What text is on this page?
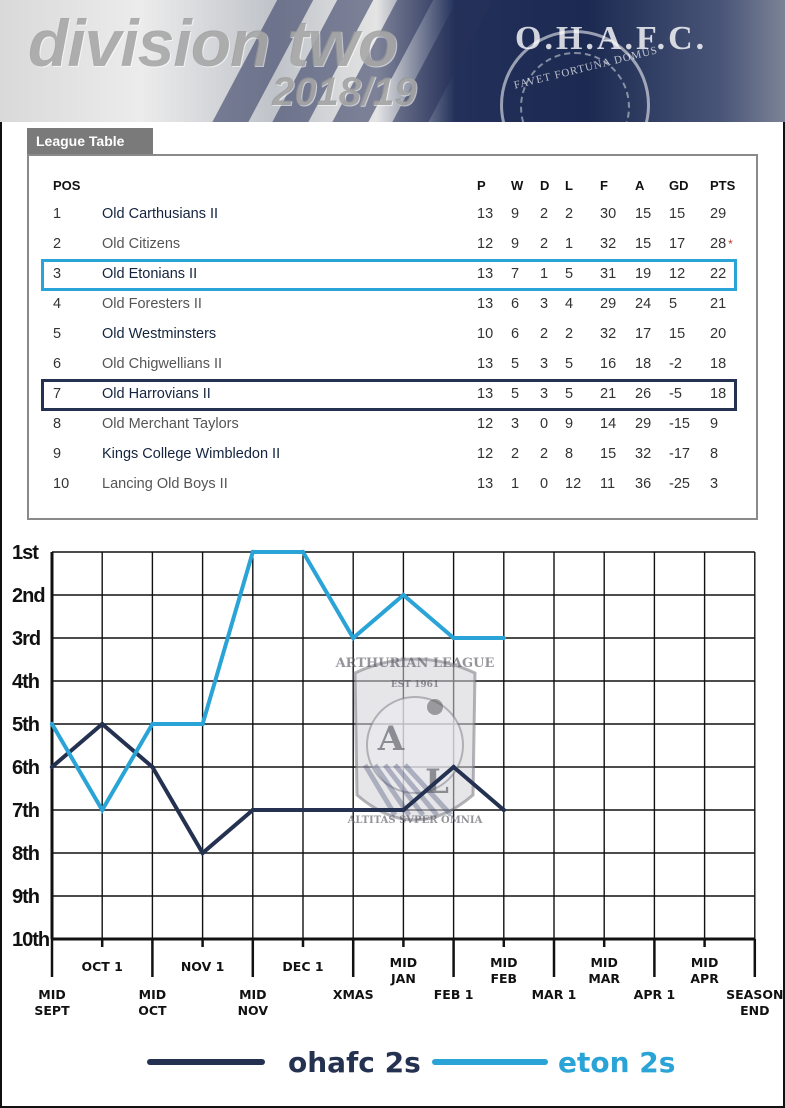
O.H.A.F.C.
FAVET FORTUNA DOMUS
division two
2018/19
League Table
POS	P W D L F A GD PTS
1	Old Carthusians II	13 9 2 2 30 15 15 29
2	Old Citizens	12 9 2 1 32 15 17 28 *
3	Old Etonians II	13 7 1 5 31 19 12 22
4	Old Foresters II	13 6 3 4 29 24 5 21
5	Old Westminsters	10 6 2 2 32 17 15 20
6	Old Chigwellians II	13 5 3 5 16 18 -2 18
7	Old Harrovians II	13 5 3 5 21 26 -5 18
8	Old Merchant Taylors	12 3 0 9 14 29 -15 9
9	Kings College Wimbledon II	12 2 2 8 15 32 -17 8
10 Lancing Old Boys II	13 1 0 12 11 36 -25 3
ARTHURIAN LEAGUE
EST 1961
A
L
ALTITAS SVPER OMNIA
1st
2nd
3rd
4th
5th
6th
7th
8th
9th
10th
MID
SEPT
OCT 1
MID
OCT
NOV 1
MID
NOV
DEC 1
XMAS
MID
JAN
FEB 1
MID
FEB
MAR 1
MID
MAR
APR 1
MID
APR
SEASON
END
ohafc 2s	eton 2s
